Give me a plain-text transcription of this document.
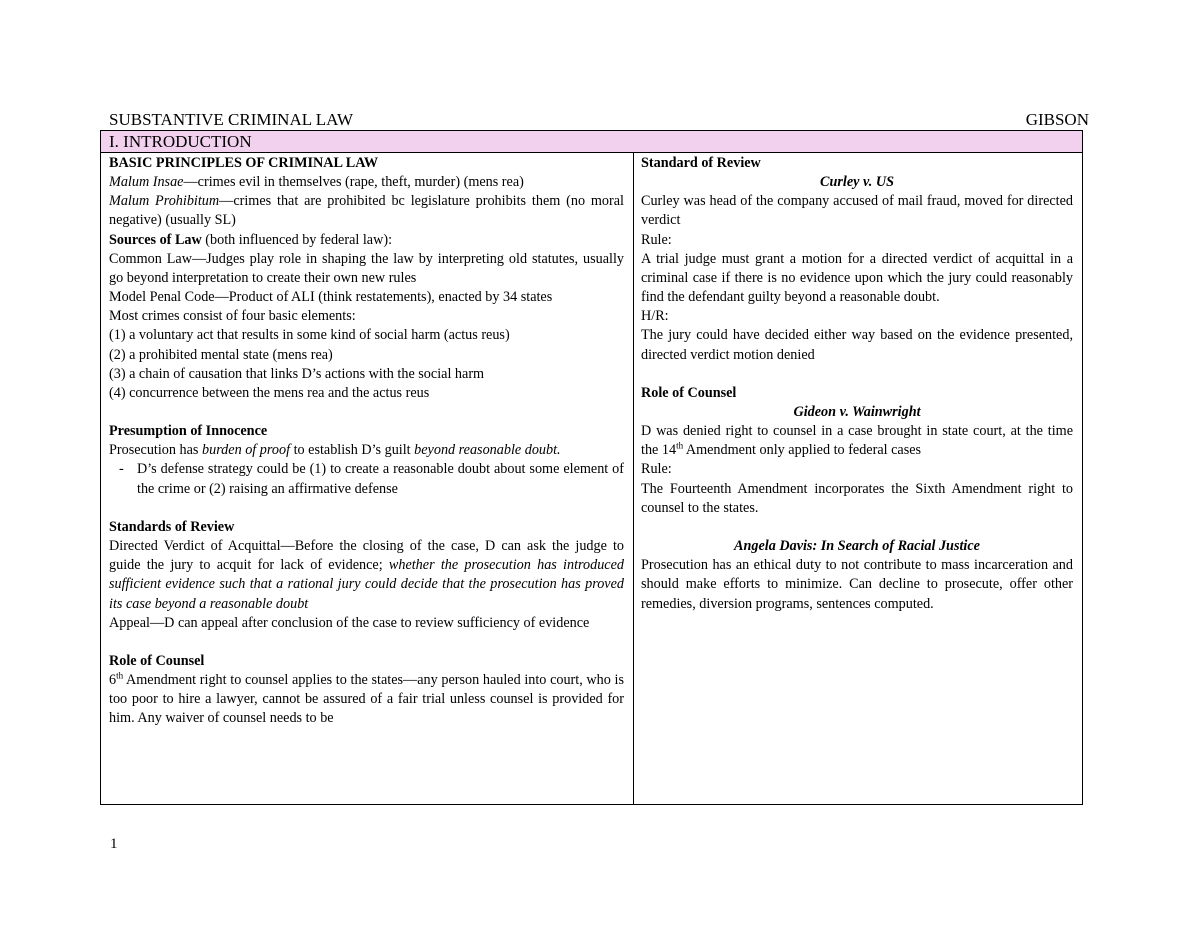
SUBSTANTIVE CRIMINAL LAW	GIBSON
I. INTRODUCTION

BASIC PRINCIPLES OF CRIMINAL LAW

Malum Insae—crimes evil in themselves (rape, theft, murder) (mens rea)

Malum Prohibitum—crimes that are prohibited bc legislature prohibits them (no moral negative) (usually SL)

Sources of Law (both influenced by federal law):

Common Law—Judges play role in shaping the law by interpreting old statutes, usually go beyond interpretation to create their own new rules

Model Penal Code—Product of ALI (think restatements), enacted by 34 states

Most crimes consist of four basic elements:

(1) a voluntary act that results in some kind of social harm (actus reus)

(2) a prohibited mental state (mens rea)

(3) a chain of causation that links D’s actions with the social harm

(4) concurrence between the mens rea and the actus reus

Presumption of Innocence

Prosecution has burden of proof to establish D’s guilt beyond reasonable doubt.

- D’s defense strategy could be (1) to create a reasonable doubt about some element of the crime or (2) raising an affirmative defense

Standards of Review

Directed Verdict of Acquittal—Before the closing of the case, D can ask the judge to guide the jury to acquit for lack of evidence; whether the prosecution has introduced sufficient evidence such that a rational jury could decide that the prosecution has proved its case beyond a reasonable doubt

Appeal—D can appeal after conclusion of the case to review sufficiency of evidence

Role of Counsel

6th Amendment right to counsel applies to the states—any person hauled into court, who is too poor to hire a lawyer, cannot be assured of a fair trial unless counsel is provided for him. Any waiver of counsel needs to be

Standard of Review

Curley v. US

Curley was head of the company accused of mail fraud, moved for directed verdict

Rule:

A trial judge must grant a motion for a directed verdict of acquittal in a criminal case if there is no evidence upon which the jury could reasonably find the defendant guilty beyond a reasonable doubt.

H/R:

The jury could have decided either way based on the evidence presented, directed verdict motion denied

Role of Counsel

Gideon v. Wainwright

D was denied right to counsel in a case brought in state court, at the time the 14th Amendment only applied to federal cases

Rule:

The Fourteenth Amendment incorporates the Sixth Amendment right to counsel to the states.

Angela Davis: In Search of Racial Justice

Prosecution has an ethical duty to not contribute to mass incarceration and should make efforts to minimize. Can decline to prosecute, offer other remedies, diversion programs, sentences computed.

1
